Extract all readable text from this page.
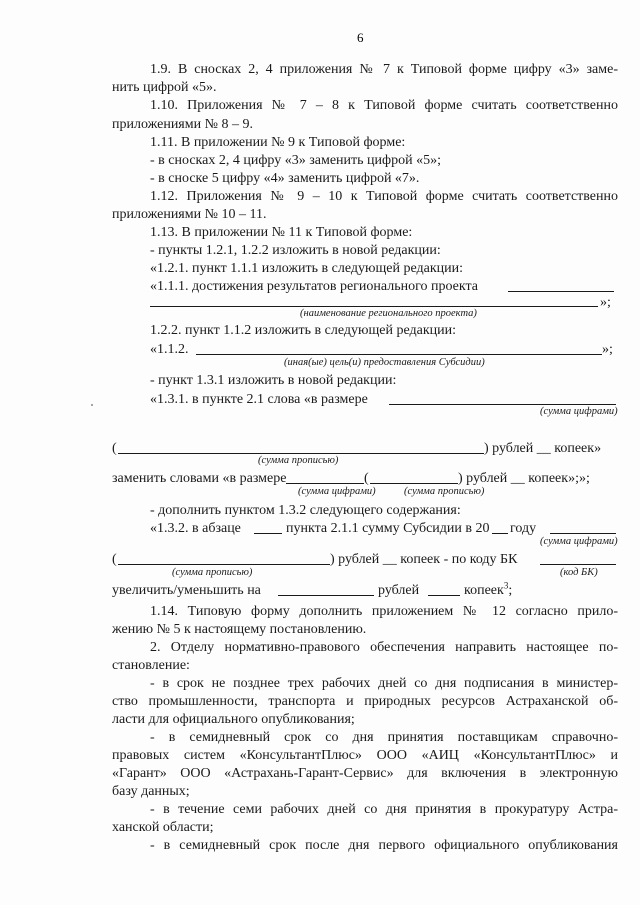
6
1.9. В сносках 2, 4 приложения № 7 к Типовой форме цифру «3» заме-
нить цифрой «5».
1.10. Приложения № 7 – 8 к Типовой форме считать соответственно
приложениями № 8 – 9.
1.11. В приложении № 9 к Типовой форме:
- в сносках 2, 4 цифру «3» заменить цифрой «5»;
- в сноске 5 цифру «4» заменить цифрой «7».
1.12. Приложения № 9 – 10 к Типовой форме считать соответственно
приложениями № 10 – 11.
1.13. В приложении № 11 к Типовой форме:
- пункты 1.2.1, 1.2.2 изложить в новой редакции:
«1.2.1. пункт 1.1.1 изложить в следующей редакции:
«1.1.1. достижения результатов регионального проекта
»;
(наименование регионального проекта)
1.2.2. пункт 1.1.2 изложить в следующей редакции:
«1.1.2.	»;
(иная(ые) цель(и) предоставления Субсидии)
- пункт 1.3.1 изложить в новой редакции:
«1.3.1. в пункте 2.1 слова «в размере
(сумма цифрами)
(	) рублей __ копеек»
(сумма прописью)
заменить словами «в размере	(	) рублей __ копеек»;»;
(сумма цифрами)	(сумма прописью)
- дополнить пунктом 1.3.2 следующего содержания:
«1.3.2. в абзаце	пункта 2.1.1 сумму Субсидии в 20	году
(сумма цифрами)
(	) рублей __ копеек - по коду БК
(сумма прописью)	(код БК)
увеличить/уменьшить на	рублей	копеек$^3$;
1.14. Типовую форму дополнить приложением № 12 согласно прило-
жению № 5 к настоящему постановлению.
2. Отделу нормативно-правового обеспечения направить настоящее по-
становление:
- в срок не позднее трех рабочих дней со дня подписания в министер-
ство промышленности, транспорта и природных ресурсов Астраханской об-
ласти для официального опубликования;
- в семидневный срок со дня принятия поставщикам справочно-
правовых систем «КонсультантПлюс» ООО «АИЦ «КонсультантПлюс» и
«Гарант» ООО «Астрахань-Гарант-Сервис» для включения в электронную
базу данных;
- в течение семи рабочих дней со дня принятия в прокуратуру Астра-
ханской области;
- в семидневный срок после дня первого официального опубликования
